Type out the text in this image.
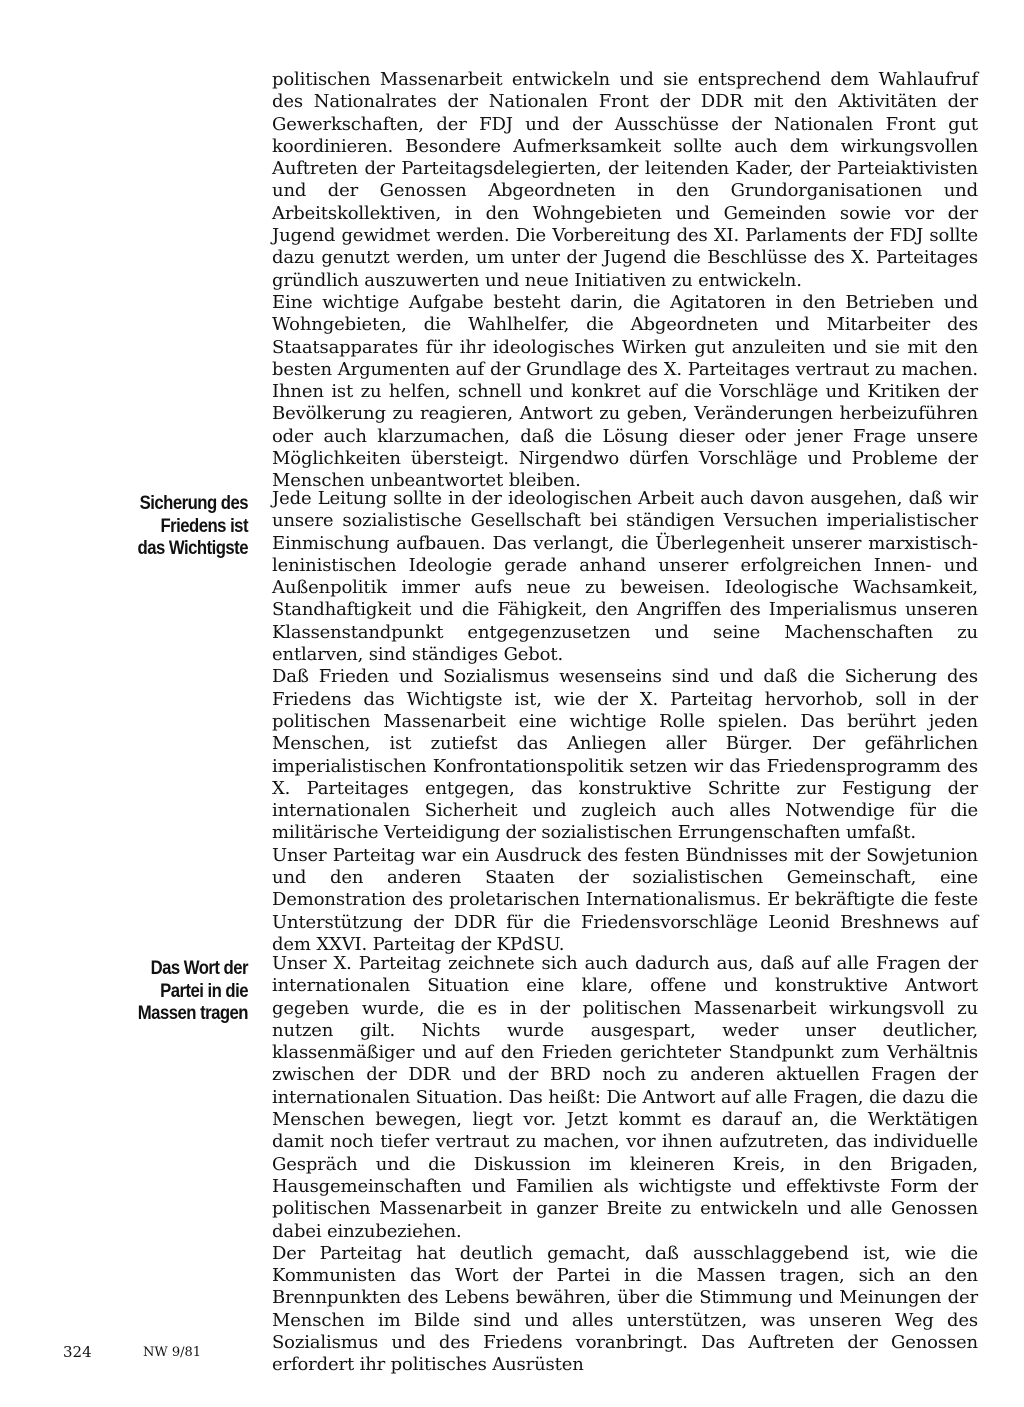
politischen Massenarbeit entwickeln und sie entsprechend dem Wahlaufruf des Nationalrates der Nationalen Front der DDR mit den Aktivitäten der Gewerkschaften, der FDJ und der Ausschüsse der Nationalen Front gut koordinieren. Besondere Aufmerksamkeit sollte auch dem wirkungsvollen Auftreten der Parteitagsdelegierten, der leitenden Kader, der Parteiaktivisten und der Genossen Abgeordneten in den Grundorganisationen und Arbeitskollektiven, in den Wohngebieten und Gemeinden sowie vor der Jugend gewidmet werden. Die Vorbereitung des XI. Parlaments der FDJ sollte dazu genutzt werden, um unter der Jugend die Beschlüsse des X. Parteitages gründlich auszuwerten und neue Initiativen zu entwickeln.

Eine wichtige Aufgabe besteht darin, die Agitatoren in den Betrieben und Wohngebieten, die Wahlhelfer, die Abgeordneten und Mitarbeiter des Staatsapparates für ihr ideologisches Wirken gut anzuleiten und sie mit den besten Argumenten auf der Grundlage des X. Parteitages vertraut zu machen. Ihnen ist zu helfen, schnell und konkret auf die Vorschläge und Kritiken der Bevölkerung zu reagieren, Antwort zu geben, Veränderungen herbeizuführen oder auch klarzumachen, daß die Lösung dieser oder jener Frage unsere Möglichkeiten übersteigt. Nirgendwo dürfen Vorschläge und Probleme der Menschen unbeantwortet bleiben.

Sicherung des
Friedens ist
das Wichtigste

Jede Leitung sollte in der ideologischen Arbeit auch davon ausgehen, daß wir unsere sozialistische Gesellschaft bei ständigen Versuchen imperialistischer Einmischung aufbauen. Das verlangt, die Überlegenheit unserer marxistisch-leninistischen Ideologie gerade anhand unserer erfolgreichen Innen- und Außenpolitik immer aufs neue zu beweisen. Ideologische Wachsamkeit, Standhaftigkeit und die Fähigkeit, den Angriffen des Imperialismus unseren Klassenstandpunkt entgegenzusetzen und seine Machenschaften zu entlarven, sind ständiges Gebot.

Daß Frieden und Sozialismus wesenseins sind und daß die Sicherung des Friedens das Wichtigste ist, wie der X. Parteitag hervorhob, soll in der politischen Massenarbeit eine wichtige Rolle spielen. Das berührt jeden Menschen, ist zutiefst das Anliegen aller Bürger. Der gefährlichen imperialistischen Konfrontationspolitik setzen wir das Friedensprogramm des X. Parteitages entgegen, das konstruktive Schritte zur Festigung der internationalen Sicherheit und zugleich auch alles Notwendige für die militärische Verteidigung der sozialistischen Errungenschaften umfaßt.

Unser Parteitag war ein Ausdruck des festen Bündnisses mit der Sowjetunion und den anderen Staaten der sozialistischen Gemeinschaft, eine Demonstration des proletarischen Internationalismus. Er bekräftigte die feste Unterstützung der DDR für die Friedensvorschläge Leonid Breshnews auf dem XXVI. Parteitag der KPdSU.

Das Wort der
Partei in die
Massen tragen

Unser X. Parteitag zeichnete sich auch dadurch aus, daß auf alle Fragen der internationalen Situation eine klare, offene und konstruktive Antwort gegeben wurde, die es in der politischen Massenarbeit wirkungsvoll zu nutzen gilt. Nichts wurde ausgespart, weder unser deutlicher, klassenmäßiger und auf den Frieden gerichteter Standpunkt zum Verhältnis zwischen der DDR und der BRD noch zu anderen aktuellen Fragen der internationalen Situation. Das heißt: Die Antwort auf alle Fragen, die dazu die Menschen bewegen, liegt vor. Jetzt kommt es darauf an, die Werktätigen damit noch tiefer vertraut zu machen, vor ihnen aufzutreten, das individuelle Gespräch und die Diskussion im kleineren Kreis, in den Brigaden, Hausgemeinschaften und Familien als wichtigste und effektivste Form der politischen Massenarbeit in ganzer Breite zu entwickeln und alle Genossen dabei einzubeziehen.

Der Parteitag hat deutlich gemacht, daß ausschlaggebend ist, wie die Kommunisten das Wort der Partei in die Massen tragen, sich an den Brennpunkten des Lebens bewähren, über die Stimmung und Meinungen der Menschen im Bilde sind und alles unterstützen, was unseren Weg des Sozialismus und des Friedens voranbringt. Das Auftreten der Genossen erfordert ihr politisches Ausrüsten

324	NW 9/81
